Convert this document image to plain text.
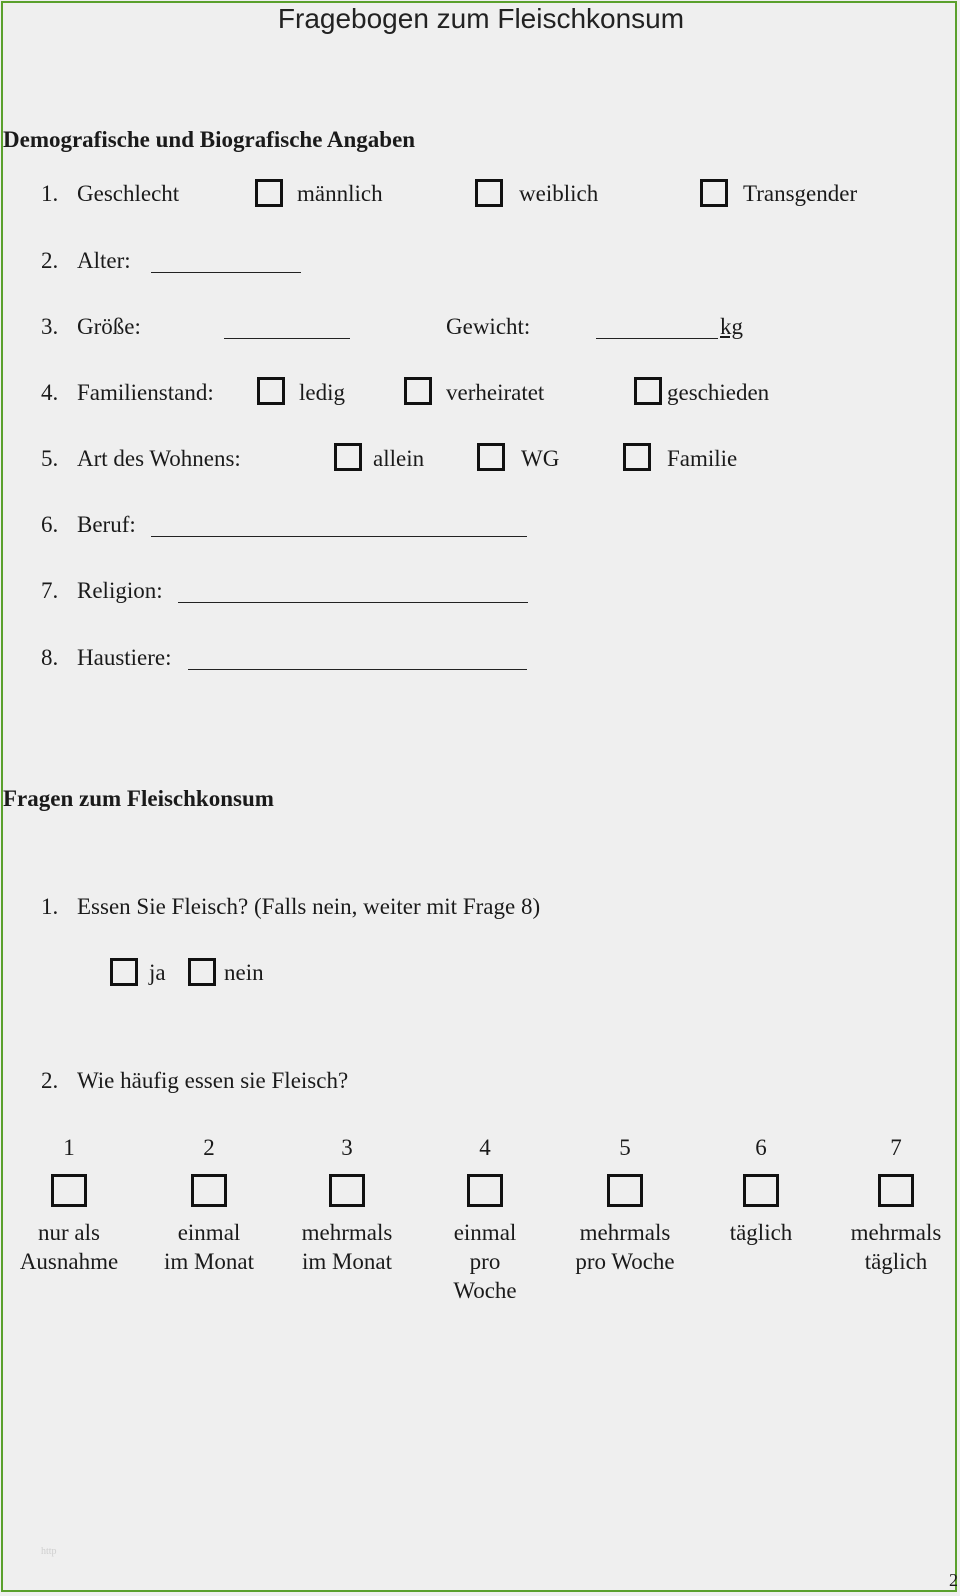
Fragebogen zum Fleischkonsum
Demografische und Biografische Angaben
1. Geschlecht	männlich	weiblich	Transgender
2. Alter:
3. Größe:	Gewicht:	kg
4. Familienstand:	ledig	verheiratet	geschieden
5. Art des Wohnens:	allein	WG	Familie
6. Beruf:
7. Religion:
8. Haustiere:
Fragen zum Fleischkonsum
1. Essen Sie Fleisch? (Falls nein, weiter mit Frage 8)
ja	nein
2. Wie häufig essen sie Fleisch?
1
nur als
Ausnahme
2
einmal
im Monat
3
mehrmals
im Monat
4
einmal
pro
Woche
5
mehrmals
pro Woche
6
täglich
7
mehrmals
täglich
http
2
